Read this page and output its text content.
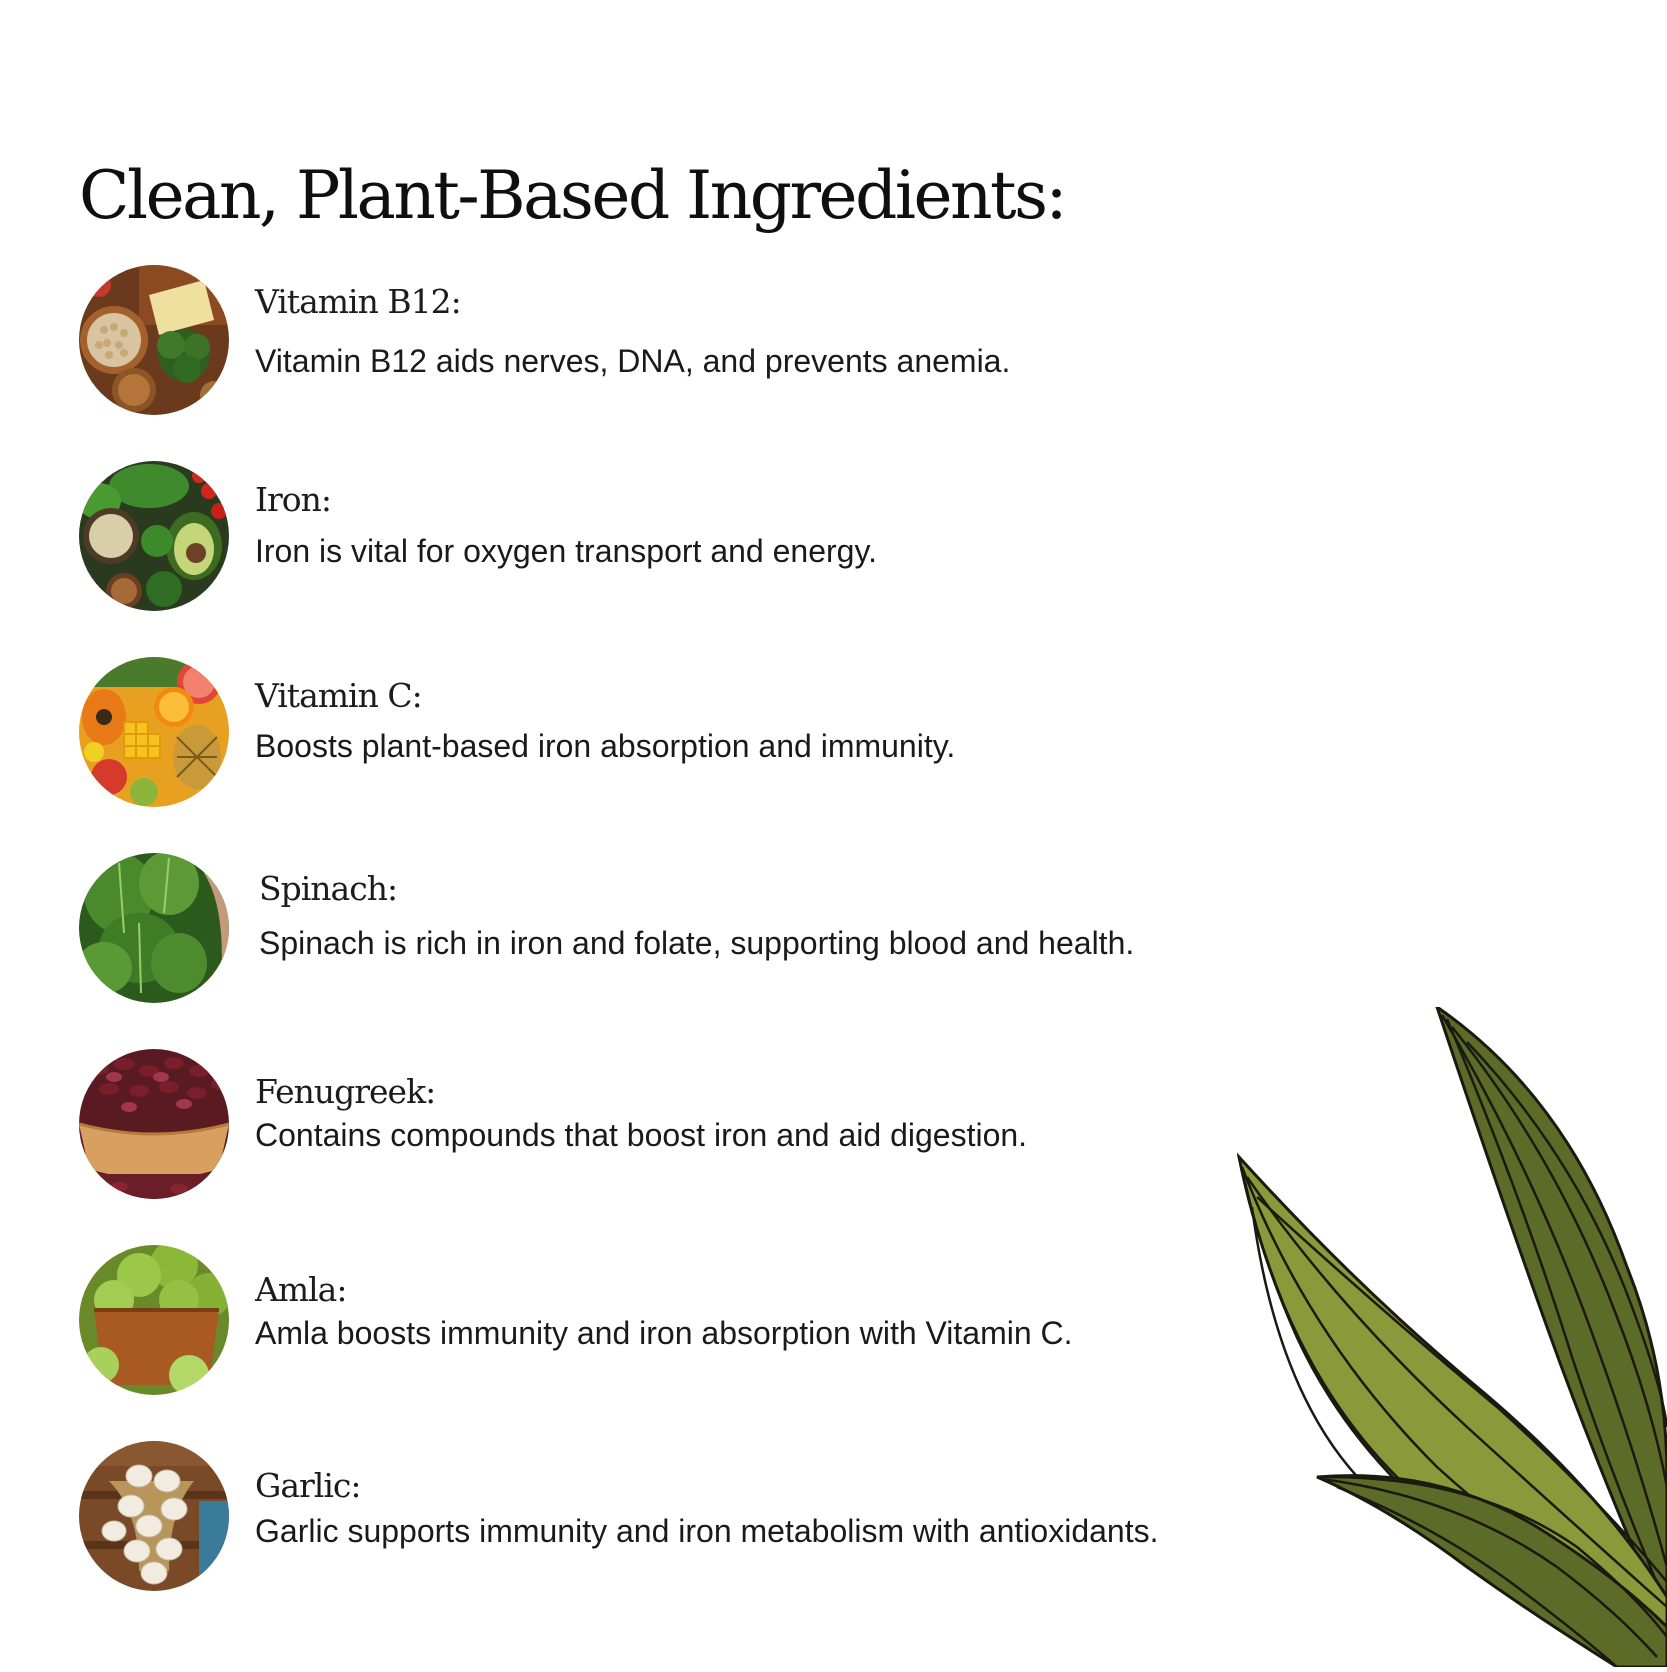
Clean, Plant-Based Ingredients:
Vitamin B12:
Vitamin B12 aids nerves, DNA, and prevents anemia.
Iron:
Iron is vital for oxygen transport and energy.
Vitamin C:
Boosts plant-based iron absorption and immunity.
Spinach:
Spinach is rich in iron and folate, supporting blood and health.
Fenugreek:
Contains compounds that boost iron and aid digestion.
Amla:
Amla boosts immunity and iron absorption with Vitamin C.
Garlic:
Garlic supports immunity and iron metabolism with antioxidants.
